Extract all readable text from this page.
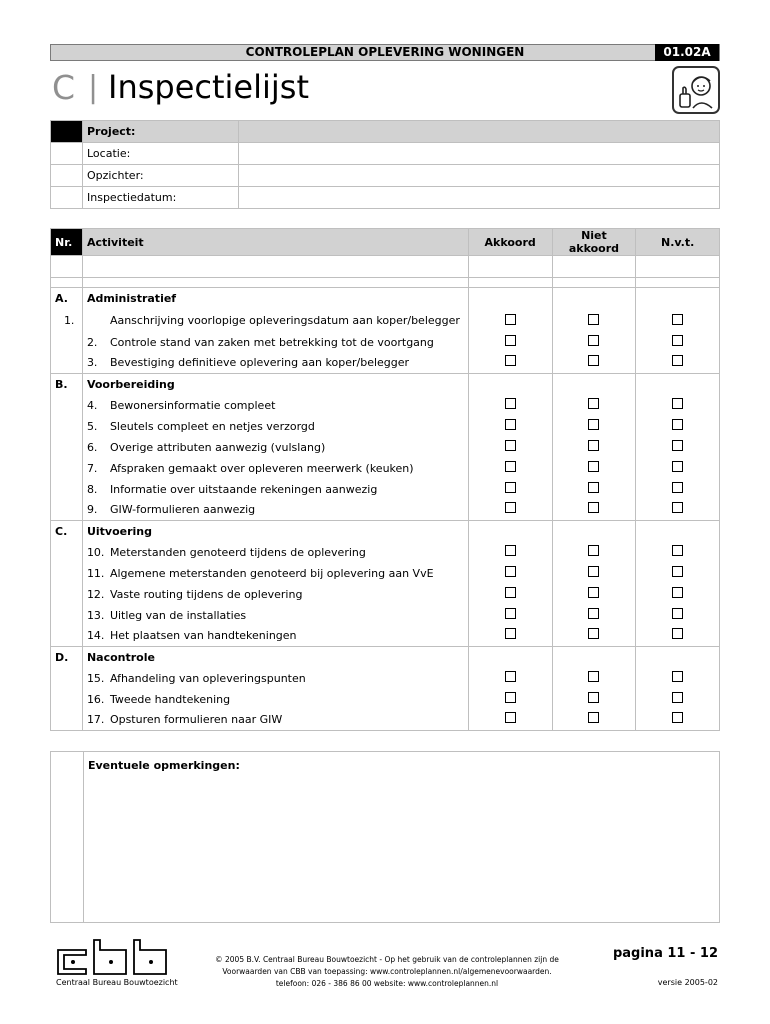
CONTROLEPLAN OPLEVERING WONINGEN	01.02A
C | Inspectielijst
	Project:	
	Locatie:	
	Opzichter:	
	Inspectiedatum:	
Nr.	Activiteit	Akkoord	Niet akkoord	N.v.t.

A.	Administratief			
	1. Aanschrijving voorlopige opleveringsdatum aan koper/belegger			
	2. Controle stand van zaken met betrekking tot de voortgang			
	3. Bevestiging definitieve oplevering aan koper/belegger			
B.	Voorbereiding			
	4. Bewonersinformatie compleet			
	5. Sleutels compleet en netjes verzorgd			
	6. Overige attributen aanwezig (vulslang)			
	7. Afspraken gemaakt over opleveren meerwerk (keuken)			
	8. Informatie over uitstaande rekeningen aanwezig			
	9. GIW-formulieren aanwezig			
C.	Uitvoering			
	10. Meterstanden genoteerd tijdens de oplevering			
	11. Algemene meterstanden genoteerd bij oplevering aan VvE			
	12. Vaste routing tijdens de oplevering			
	13. Uitleg van de installaties			
	14. Het plaatsen van handtekeningen			
D.	Nacontrole			
	15. Afhandeling van opleveringspunten			
	16. Tweede handtekening			
	17. Opsturen formulieren naar GIW			
Eventuele opmerkingen:
Centraal Bureau Bouwtoezicht
© 2005 B.V. Centraal Bureau Bouwtoezicht - Op het gebruik van de controleplannen zijn de
Voorwaarden van CBB van toepassing: www.controleplannen.nl/algemenevoorwaarden.
telefoon: 026 - 386 86 00 website: www.controleplannen.nl
pagina 11 - 12
versie 2005-02
